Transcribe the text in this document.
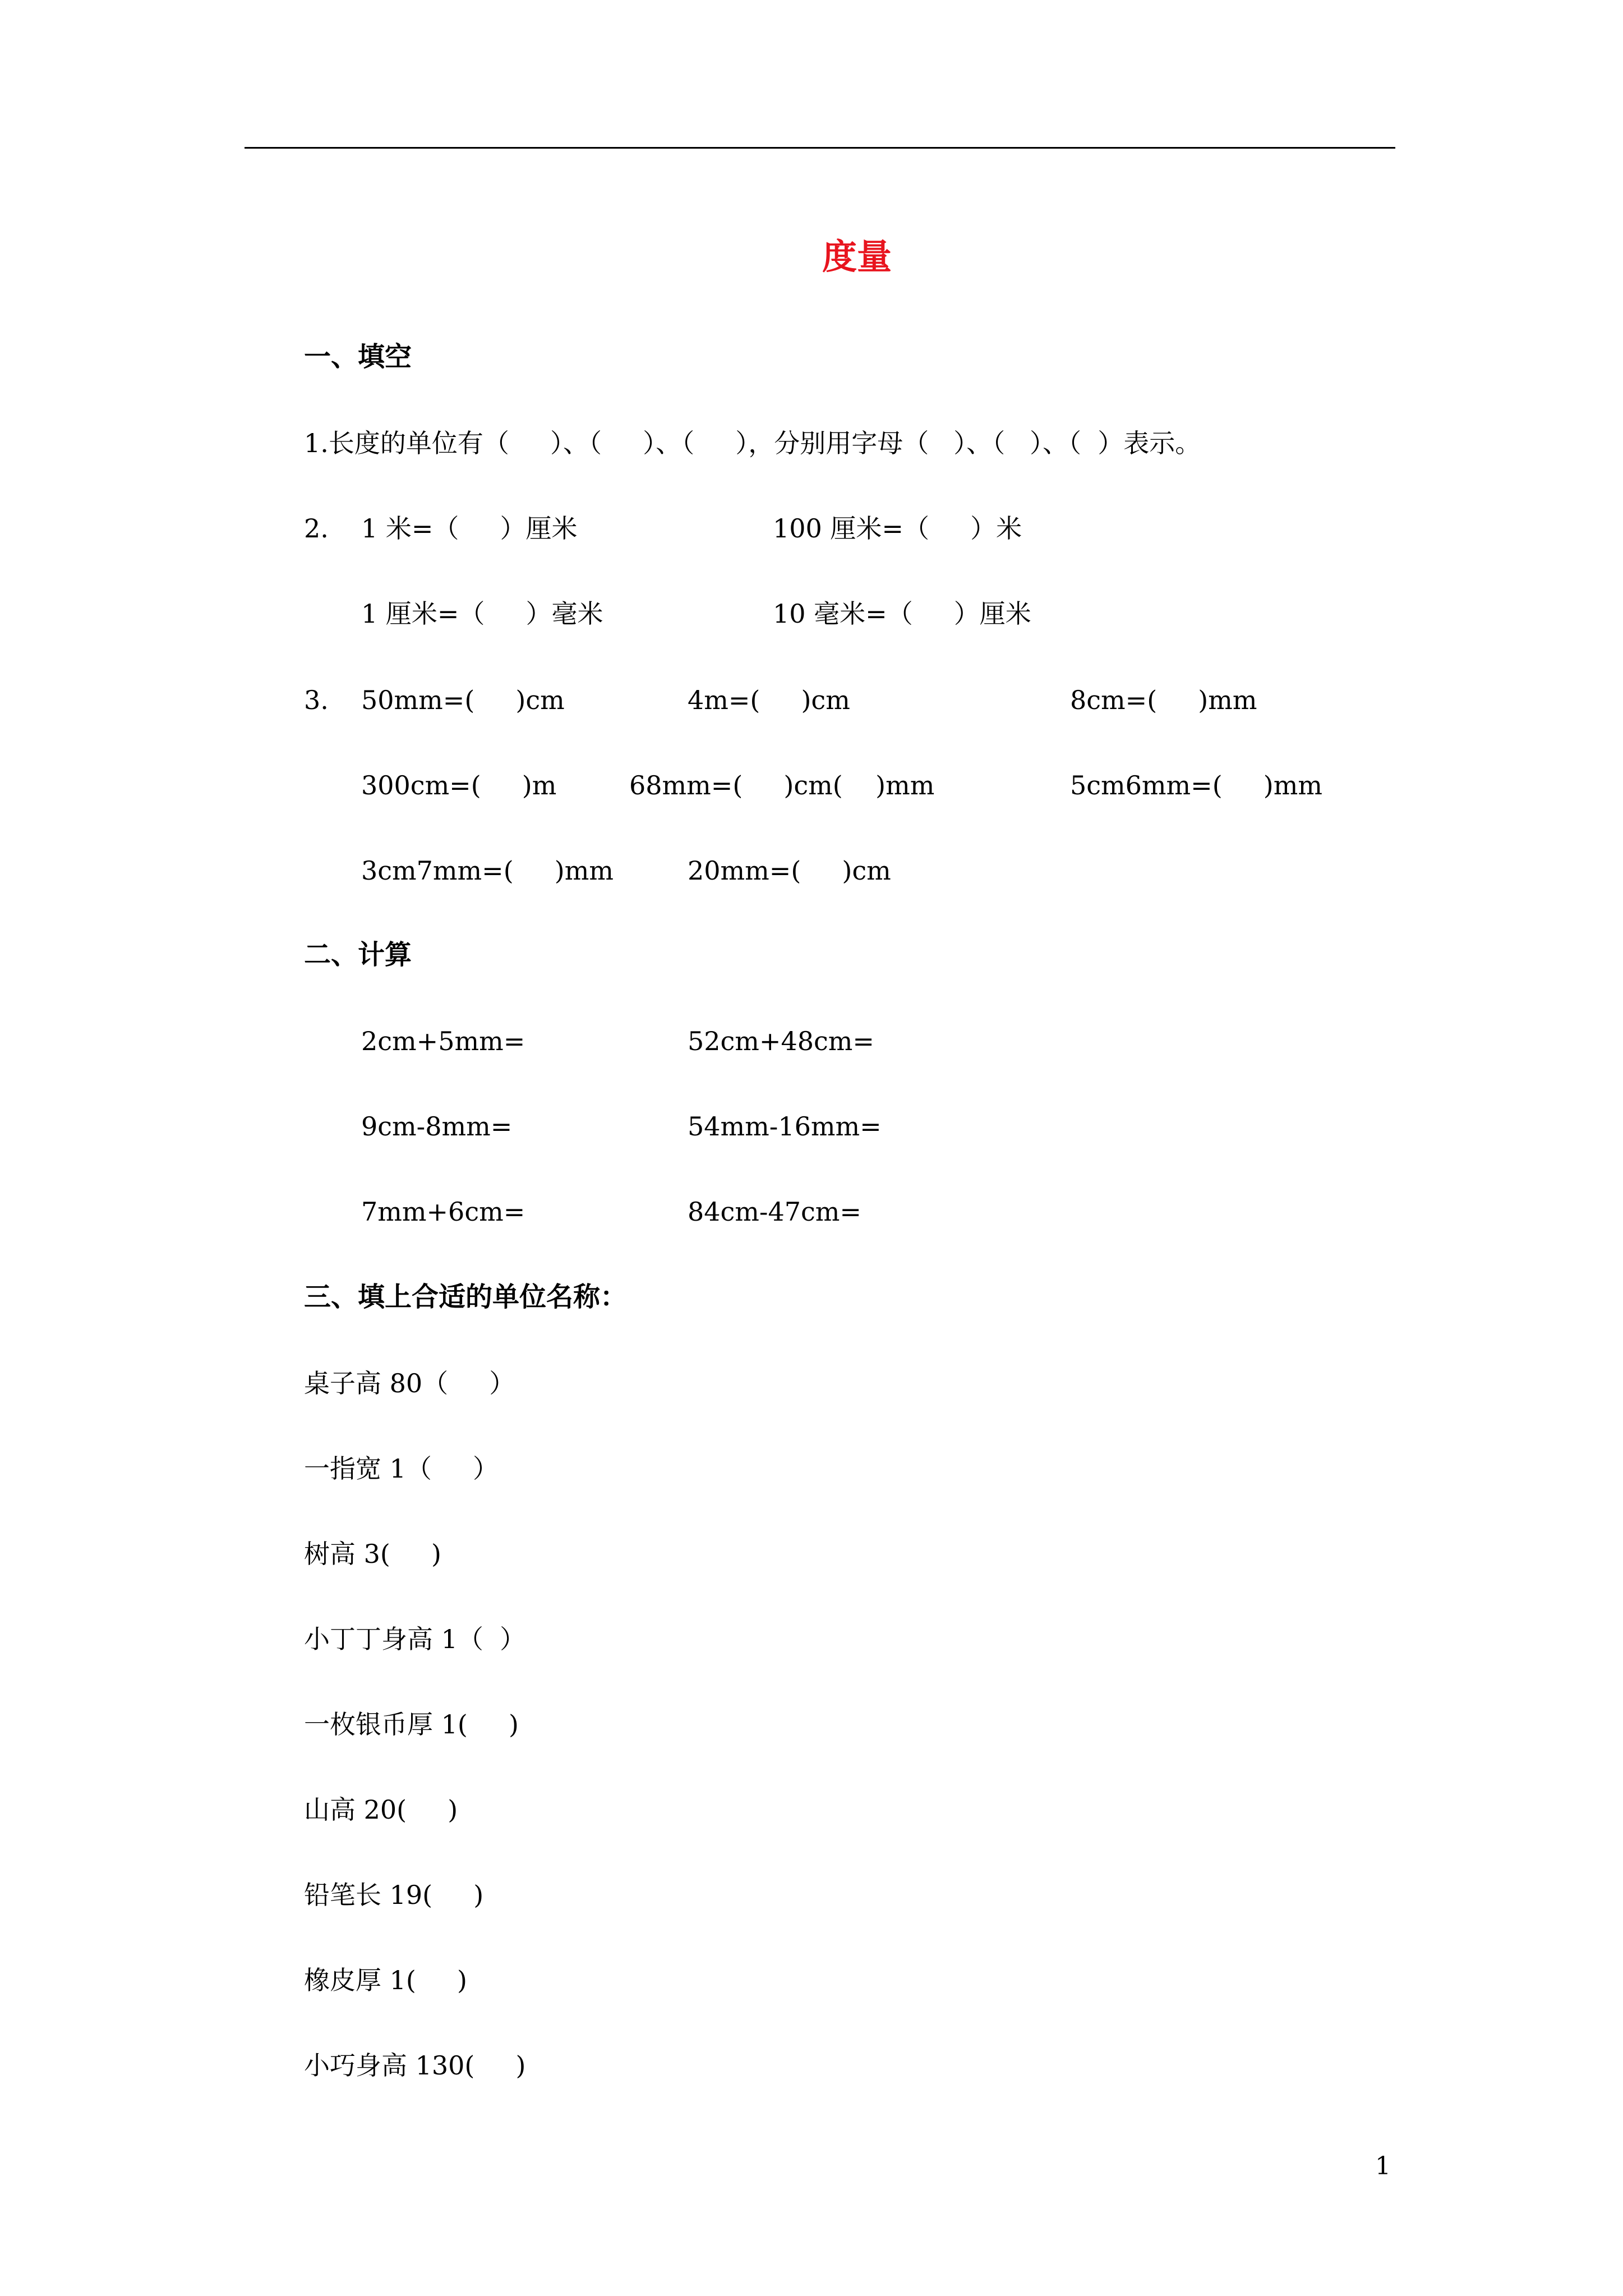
度量
一、填空
1.长度的单位有（     ）、（     ）、（     ），分别用字母（   ）、（   ）、（  ）表示。
2. 1 米=（     ）厘米	100 厘米=（     ）米
1 厘米=（     ）毫米	10 毫米=（     ）厘米
3. 50mm=(     )cm	4m=(     )cm	8cm=(     )mm
300cm=(     )m	68mm=(     )cm(    )mm	5cm6mm=(     )mm
3cm7mm=(     )mm	20mm=(     )cm
二、计算
2cm+5mm=	52cm+48cm=
9cm-8mm=	54mm-16mm=
7mm+6cm=	84cm-47cm=
三、填上合适的单位名称：
桌子高 80（     ）
一指宽 1（     ）
树高 3(     )
小丁丁身高 1（  ）
一枚银币厚 1(     )
山高 20(     )
铅笔长 19(     )
橡皮厚 1(     )
小巧身高 130(     )
1
